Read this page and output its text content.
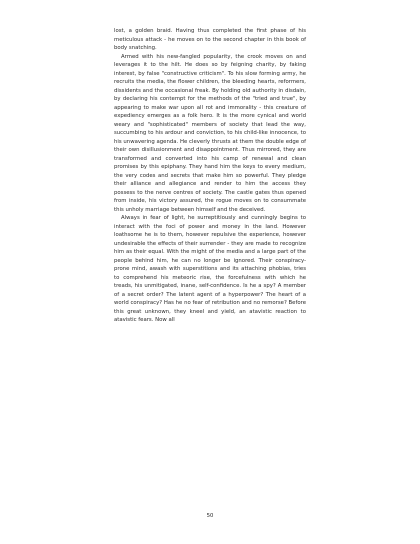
lost, a golden braid. Having thus completed the first phase of his meticulous attack - he moves on to the second chapter in this book of body snatching.

Armed with his new-fangled popularity, the crook moves on and leverages it to the hilt. He does so by feigning charity, by faking interest, by false "constructive criticism". To his slow forming army, he recruits the media, the flower children, the bleeding hearts, reformers, dissidents and the occasional freak. By holding old authority in disdain, by declaring his contempt for the methods of the "tried and true", by appearing to make war upon all rot and immorality - this creature of expediency emerges as a folk hero. It is the more cynical and world weary and "sophisticated" members of society that lead the way, succumbing to his ardour and conviction, to his child-like innocence, to his unwavering agenda. He cleverly thrusts at them the double edge of their own disillusionment and disappointment. Thus mirrored, they are transformed and converted into his camp of renewal and clean promises by this epiphany. They hand him the keys to every medium, the very codes and secrets that make him so powerful. They pledge their alliance and allegiance and render to him the access they possess to the nerve centres of society. The castle gates thus opened from inside, his victory assured, the rogue moves on to consummate this unholy marriage between himself and the deceived.

Always in fear of light, he surreptitiously and cunningly begins to interact with the foci of power and money in the land. However loathsome he is to them, however repulsive the experience, however undesirable the effects of their surrender - they are made to recognize him as their equal. With the might of the media and a large part of the people behind him, he can no longer be ignored. Their conspiracy-prone mind, awash with superstitions and its attaching phobias, tries to comprehend his meteoric rise, the forcefulness with which he treads, his unmitigated, inane, self-confidence. Is he a spy? A member of a secret order? The latent agent of a hyperpower? The heart of a world conspiracy? Has he no fear of retribution and no remorse? Before this great unknown, they kneel and yield, an atavistic reaction to atavistic fears. Now all

50
